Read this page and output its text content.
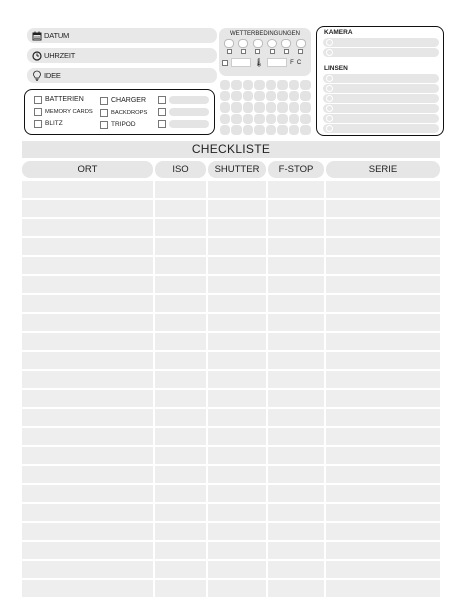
DATUM
UHRZEIT
IDEE
BATTERIEN
MEMORY CARDS
BLITZ
CHARGER
BACKDROPS
TRIPOD
WETTERBEDINGUNGEN
🌡	F C
KAMERA
LINSEN
CHECKLISTE
ORT	ISO	SHUTTER	F-STOP	SERIE
